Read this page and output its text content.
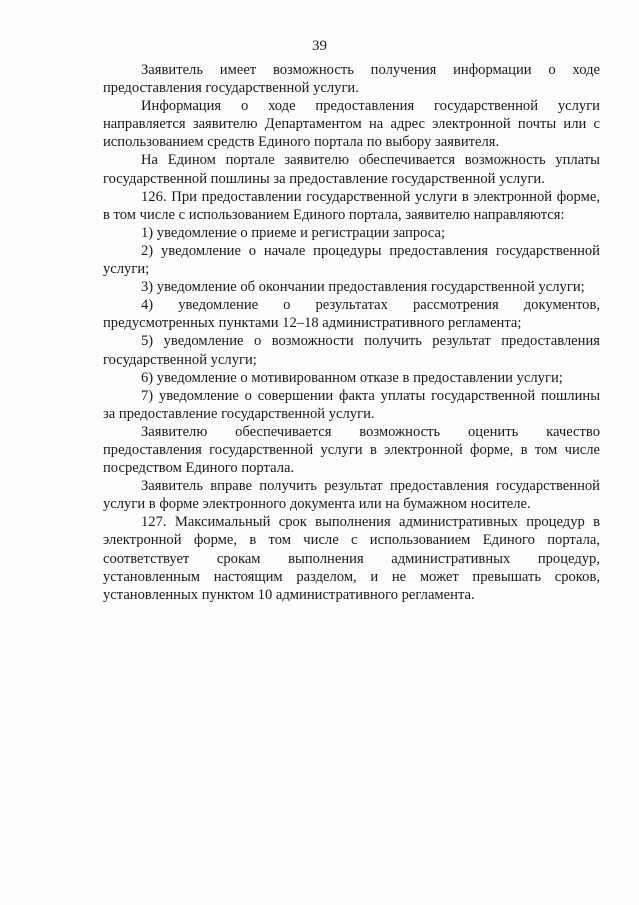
39

Заявитель имеет возможность получения информации о ходе предоставления государственной услуги.

Информация о ходе предоставления государственной услуги направляется заявителю Департаментом на адрес электронной почты или с использованием средств Единого портала по выбору заявителя.

На Едином портале заявителю обеспечивается возможность уплаты государственной пошлины за предоставление государственной услуги.

126. При предоставлении государственной услуги в электронной форме, в том числе с использованием Единого портала, заявителю направляются:

1) уведомление о приеме и регистрации запроса;

2) уведомление о начале процедуры предоставления государственной услуги;

3) уведомление об окончании предоставления государственной услуги;

4) уведомление о результатах рассмотрения документов, предусмотренных пунктами 12–18 административного регламента;

5) уведомление о возможности получить результат предоставления государственной услуги;

6) уведомление о мотивированном отказе в предоставлении услуги;

7) уведомление о совершении факта уплаты государственной пошлины за предоставление государственной услуги.

Заявителю обеспечивается возможность оценить качество предоставления государственной услуги в электронной форме, в том числе посредством Единого портала.

Заявитель вправе получить результат предоставления государственной услуги в форме электронного документа или на бумажном носителе.

127. Максимальный срок выполнения административных процедур в электронной форме, в том числе с использованием Единого портала, соответствует срокам выполнения административных процедур, установленным настоящим разделом, и не может превышать сроков, установленных пунктом 10 административного регламента.
